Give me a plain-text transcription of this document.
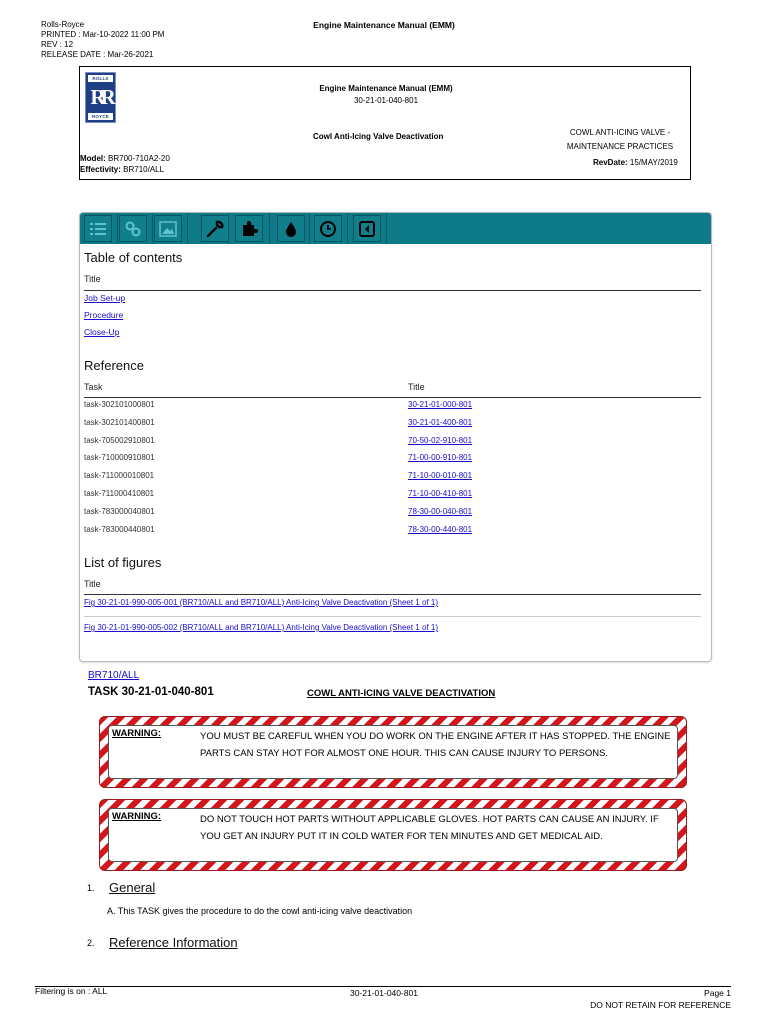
Rolls-Royce
PRINTED : Mar-10-2022 11:00 PM
REV : 12
RELEASE DATE : Mar-26-2021
Engine Maintenance Manual (EMM)
ROLLS
RR
ROYCE
Engine Maintenance Manual (EMM)
30-21-01-040-801
Cowl Anti-Icing Valve Deactivation	COWL ANTI-ICING VALVE -
MAINTENANCE PRACTICES
Model: BR700-710A2-20
Effectivity: BR710/ALL
RevDate: 15/MAY/2019
Table of contents
Title
Job Set-up
Procedure
Close-Up
Reference
Task	Title
task-302101000801	30-21-01-000-801
task-302101400801	30-21-01-400-801
task-705002910801	70-50-02-910-801
task-710000910801	71-00-00-910-801
task-711000010801	71-10-00-010-801
task-711000410801	71-10-00-410-801
task-783000040801	78-30-00-040-801
task-783000440801	78-30-00-440-801
List of figures
Title
Fig 30-21-01-990-005-001 (BR710/ALL and BR710/ALL) Anti-Icing Valve Deactivation (Sheet 1 of 1)
Fig 30-21-01-990-005-002 (BR710/ALL and BR710/ALL) Anti-Icing Valve Deactivation (Sheet 1 of 1)
BR710/ALL
TASK 30-21-01-040-801	COWL ANTI-ICING VALVE DEACTIVATION
WARNING:	YOU MUST BE CAREFUL WHEN YOU DO WORK ON THE ENGINE AFTER IT HAS STOPPED. THE ENGINE PARTS CAN STAY HOT FOR ALMOST ONE HOUR. THIS CAN CAUSE INJURY TO PERSONS.
WARNING:	DO NOT TOUCH HOT PARTS WITHOUT APPLICABLE GLOVES. HOT PARTS CAN CAUSE AN INJURY. IF YOU GET AN INJURY PUT IT IN COLD WATER FOR TEN MINUTES AND GET MEDICAL AID.
1. General
A. This TASK gives the procedure to do the cowl anti-icing valve deactivation
2. Reference Information
Filtering is on : ALL	30-21-01-040-801	Page 1
DO NOT RETAIN FOR REFERENCE
